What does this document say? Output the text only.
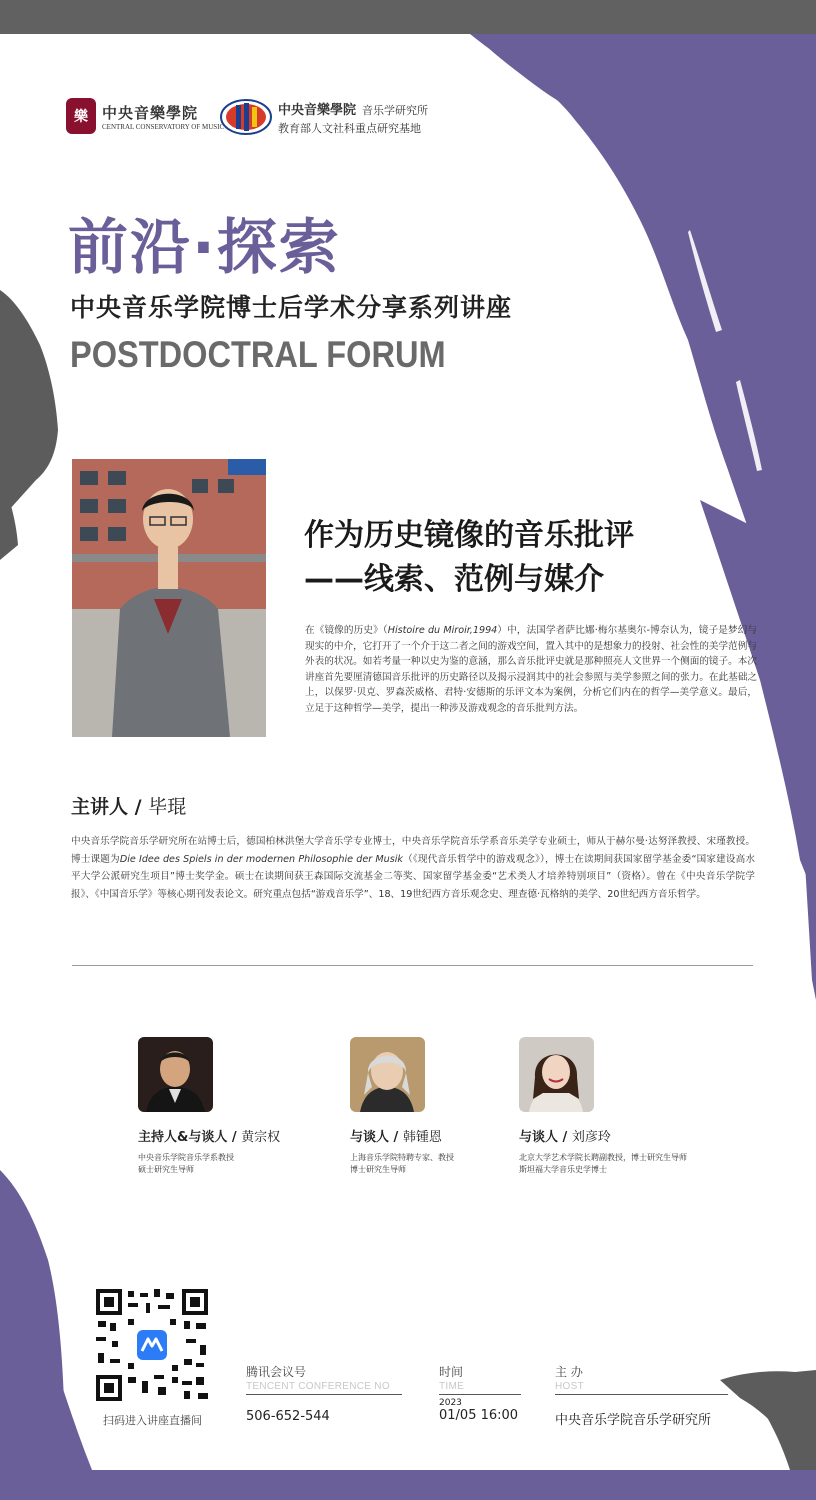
樂 中央音樂學院
CENTRAL CONSERVATORY OF MUSIC
中央音樂學院 音乐学研究所
教育部人文社科重点研究基地
前沿·探索
中央音乐学院博士后学术分享系列讲座
POSTDOCTRAL FORUM
作为历史镜像的音乐批评
——线索、范例与媒介
在《镜像的历史》（Histoire du Miroir,1994）中，法国学者萨比娜·梅尔基奥尔-博奈认为，镜子是梦幻与现实的中介，它打开了一个介于这二者之间的游戏空间，置入其中的是想象力的投射、社会性的美学范例与外表的状况。如若考量一种以史为鉴的意涵，那么音乐批评史就是那种照亮人文世界一个侧面的镜子。本次讲座首先要厘清德国音乐批评的历史路径以及揭示浸润其中的社会参照与美学参照之间的张力。在此基础之上，以保罗·贝克、罗森茨威格、君特·安德斯的乐评文本为案例，分析它们内在的哲学—美学意义。最后，立足于这种哲学—美学，提出一种涉及游戏观念的音乐批判方法。
主讲人 / 毕琨
中央音乐学院音乐学研究所在站博士后，德国柏林洪堡大学音乐学专业博士，中央音乐学院音乐学系音乐美学专业硕士，师从于赫尔曼·达努泽教授、宋瑾教授。博士课题为Die Idee des Spiels in der modernen Philosophie der Musik（《现代音乐哲学中的游戏观念》），博士在读期间获国家留学基金委“国家建设高水平大学公派研究生项目”博士奖学金。硕士在读期间获王森国际交流基金二等奖、国家留学基金委“艺术类人才培养特别项目”（资格）。曾在《中央音乐学院学报》、《中国音乐学》等核心期刊发表论文。研究重点包括“游戏音乐学”、18、19世纪西方音乐观念史、理查德·瓦格纳的美学、20世纪西方音乐哲学。
主持人&与谈人 / 黄宗权
中央音乐学院音乐学系教授
硕士研究生导师
与谈人 / 韩锺恩
上海音乐学院特聘专家、教授
博士研究生导师
与谈人 / 刘彦玲
北京大学艺术学院长聘副教授，博士研究生导师
斯坦福大学音乐史学博士
扫码进入讲座直播间
腾讯会议号
TENCENT CONFERENCE NO
506-652-544
时间
TIME
2023
01/05 16:00
主 办
HOST
中央音乐学院音乐学研究所
